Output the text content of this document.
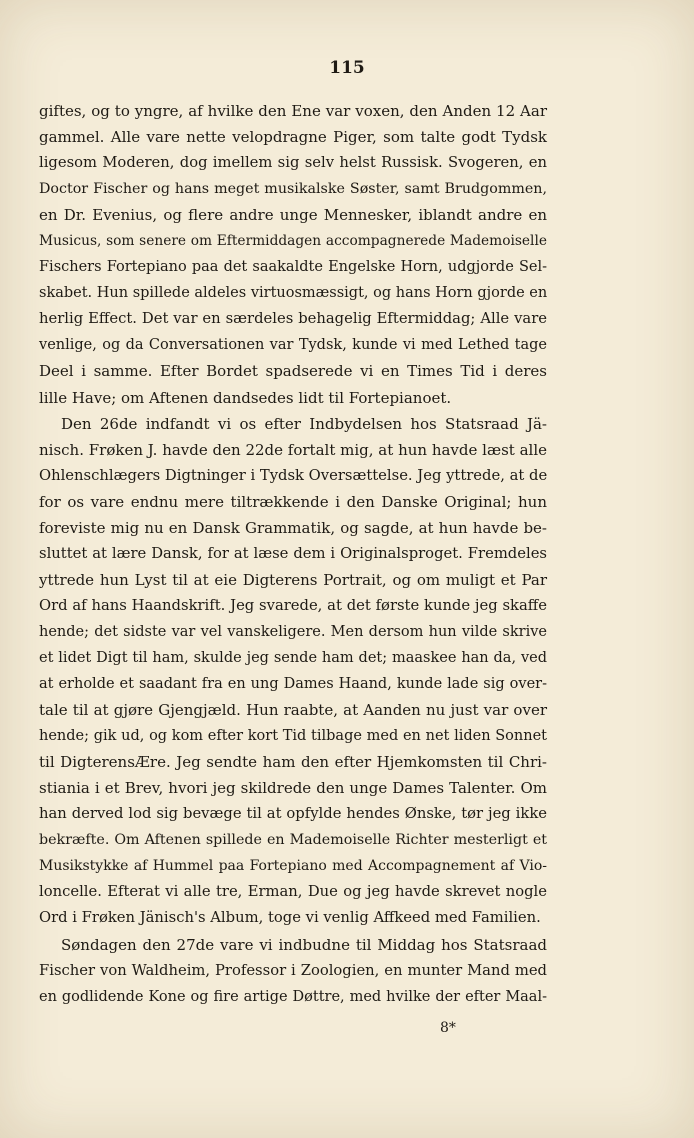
115
giftes, og to yngre, af hvilke den Ene var voxen, den Anden 12 Aar
gammel. Alle vare nette velopdragne Piger, som talte godt Tydsk
ligesom Moderen, dog imellem sig selv helst Russisk. Svogeren, en
Doctor Fischer og hans meget musikalske Søster, samt Brudgommen,
en Dr. Evenius, og flere andre unge Mennesker, iblandt andre en
Musicus, som senere om Eftermiddagen accompagnerede Mademoiselle
Fischers Fortepiano paa det saakaldte Engelske Horn, udgjorde Sel-
skabet. Hun spillede aldeles virtuosmæssigt, og hans Horn gjorde en
herlig Effect. Det var en særdeles behagelig Eftermiddag; Alle vare
venlige, og da Conversationen var Tydsk, kunde vi med Lethed tage
Deel i samme. Efter Bordet spadserede vi en Times Tid i deres
lille Have; om Aftenen dandsedes lidt til Fortepianoet.
Den 26de indfandt vi os efter Indbydelsen hos Statsraad Jä-
nisch. Frøken J. havde den 22de fortalt mig, at hun havde læst alle
Ohlenschlægers Digtninger i Tydsk Oversættelse. Jeg yttrede, at de
for os vare endnu mere tiltrækkende i den Danske Original; hun
foreviste mig nu en Dansk Grammatik, og sagde, at hun havde be-
sluttet at lære Dansk, for at læse dem i Originalsproget. Fremdeles
yttrede hun Lyst til at eie Digterens Portrait, og om muligt et Par
Ord af hans Haandskrift. Jeg svarede, at det første kunde jeg skaffe
hende; det sidste var vel vanskeligere. Men dersom hun vilde skrive
et lidet Digt til ham, skulde jeg sende ham det; maaskee han da, ved
at erholde et saadant fra en ung Dames Haand, kunde lade sig over-
tale til at gjøre Gjengjæld. Hun raabte, at Aanden nu just var over
hende; gik ud, og kom efter kort Tid tilbage med en net liden Sonnet
til DigterensÆre. Jeg sendte ham den efter Hjemkomsten til Chri-
stiania i et Brev, hvori jeg skildrede den unge Dames Talenter. Om
han derved lod sig bevæge til at opfylde hendes Ønske, tør jeg ikke
bekræfte. Om Aftenen spillede en Mademoiselle Richter mesterligt et
Musikstykke af Hummel paa Fortepiano med Accompagnement af Vio-
loncelle. Efterat vi alle tre, Erman, Due og jeg havde skrevet nogle
Ord i Frøken Jänisch's Album, toge vi venlig Affkeed med Familien.
Søndagen den 27de vare vi indbudne til Middag hos Statsraad
Fischer von Waldheim, Professor i Zoologien, en munter Mand med
en godlidende Kone og fire artige Døttre, med hvilke der efter Maal-
8*
